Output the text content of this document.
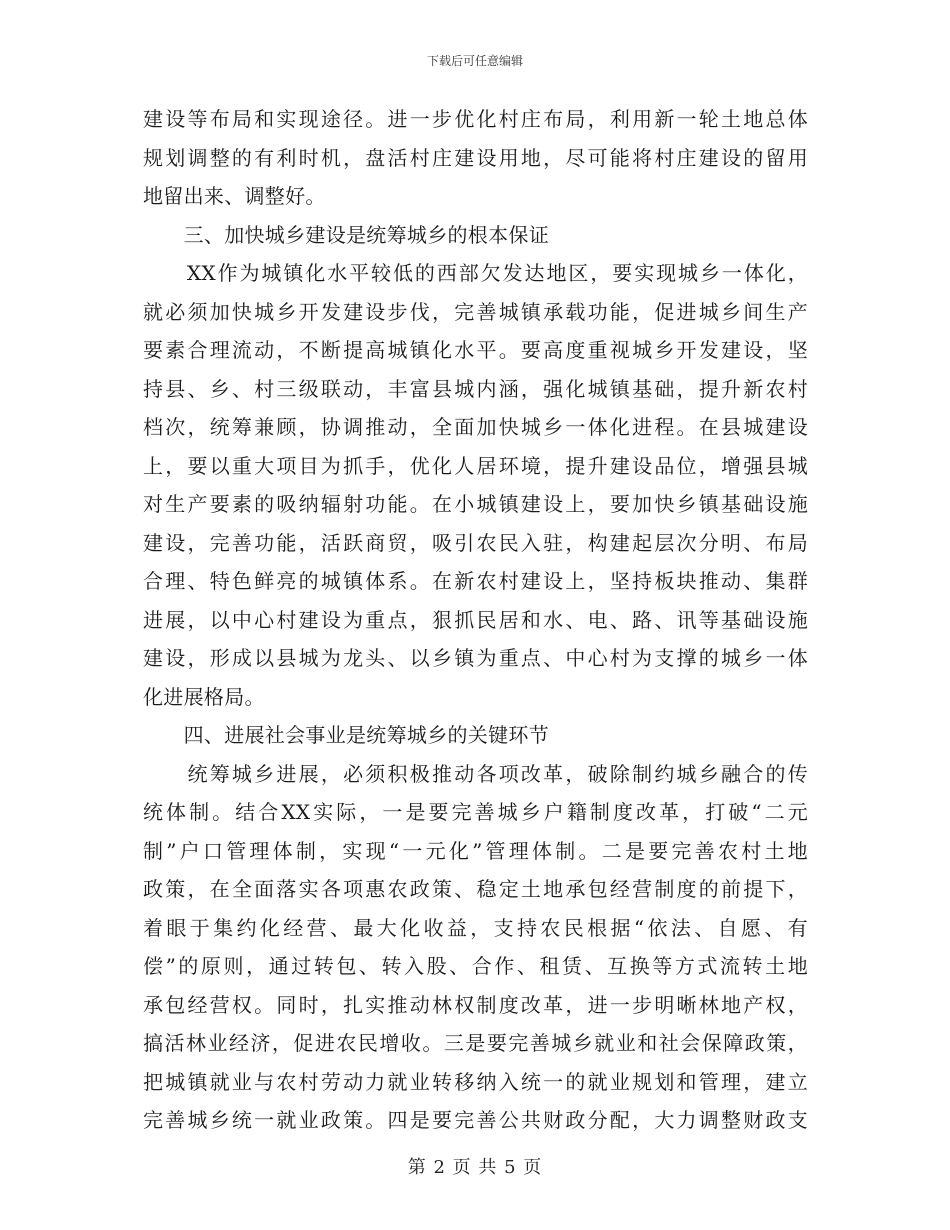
下载后可任意编辑
建设等布局和实现途径。进一步优化村庄布局，利用新一轮土地总体
规划调整的有利时机，盘活村庄建设用地，尽可能将村庄建设的留用
地留出来、调整好。
　　三、加快城乡建设是统筹城乡的根本保证
　　XX作为城镇化水平较低的西部欠发达地区，要实现城乡一体化，
就必须加快城乡开发建设步伐，完善城镇承载功能，促进城乡间生产
要素合理流动，不断提高城镇化水平。要高度重视城乡开发建设，坚
持县、乡、村三级联动，丰富县城内涵，强化城镇基础，提升新农村
档次，统筹兼顾，协调推动，全面加快城乡一体化进程。在县城建设
上，要以重大项目为抓手，优化人居环境，提升建设品位，增强县城
对生产要素的吸纳辐射功能。在小城镇建设上，要加快乡镇基础设施
建设，完善功能，活跃商贸，吸引农民入驻，构建起层次分明、布局
合理、特色鲜亮的城镇体系。在新农村建设上，坚持板块推动、集群
进展，以中心村建设为重点，狠抓民居和水、电、路、讯等基础设施
建设，形成以县城为龙头、以乡镇为重点、中心村为支撑的城乡一体
化进展格局。
　　四、进展社会事业是统筹城乡的关键环节
　　统筹城乡进展，必须积极推动各项改革，破除制约城乡融合的传
统体制。结合XX实际，一是要完善城乡户籍制度改革，打破“二元
制”户口管理体制，实现“一元化”管理体制。二是要完善农村土地
政策，在全面落实各项惠农政策、稳定土地承包经营制度的前提下，
着眼于集约化经营、最大化收益，支持农民根据“依法、自愿、有
偿”的原则，通过转包、转入股、合作、租赁、互换等方式流转土地
承包经营权。同时，扎实推动林权制度改革，进一步明晰林地产权，
搞活林业经济，促进农民增收。三是要完善城乡就业和社会保障政策，
把城镇就业与农村劳动力就业转移纳入统一的就业规划和管理，建立
完善城乡统一就业政策。四是要完善公共财政分配，大力调整财政支
第 2 页 共 5 页
